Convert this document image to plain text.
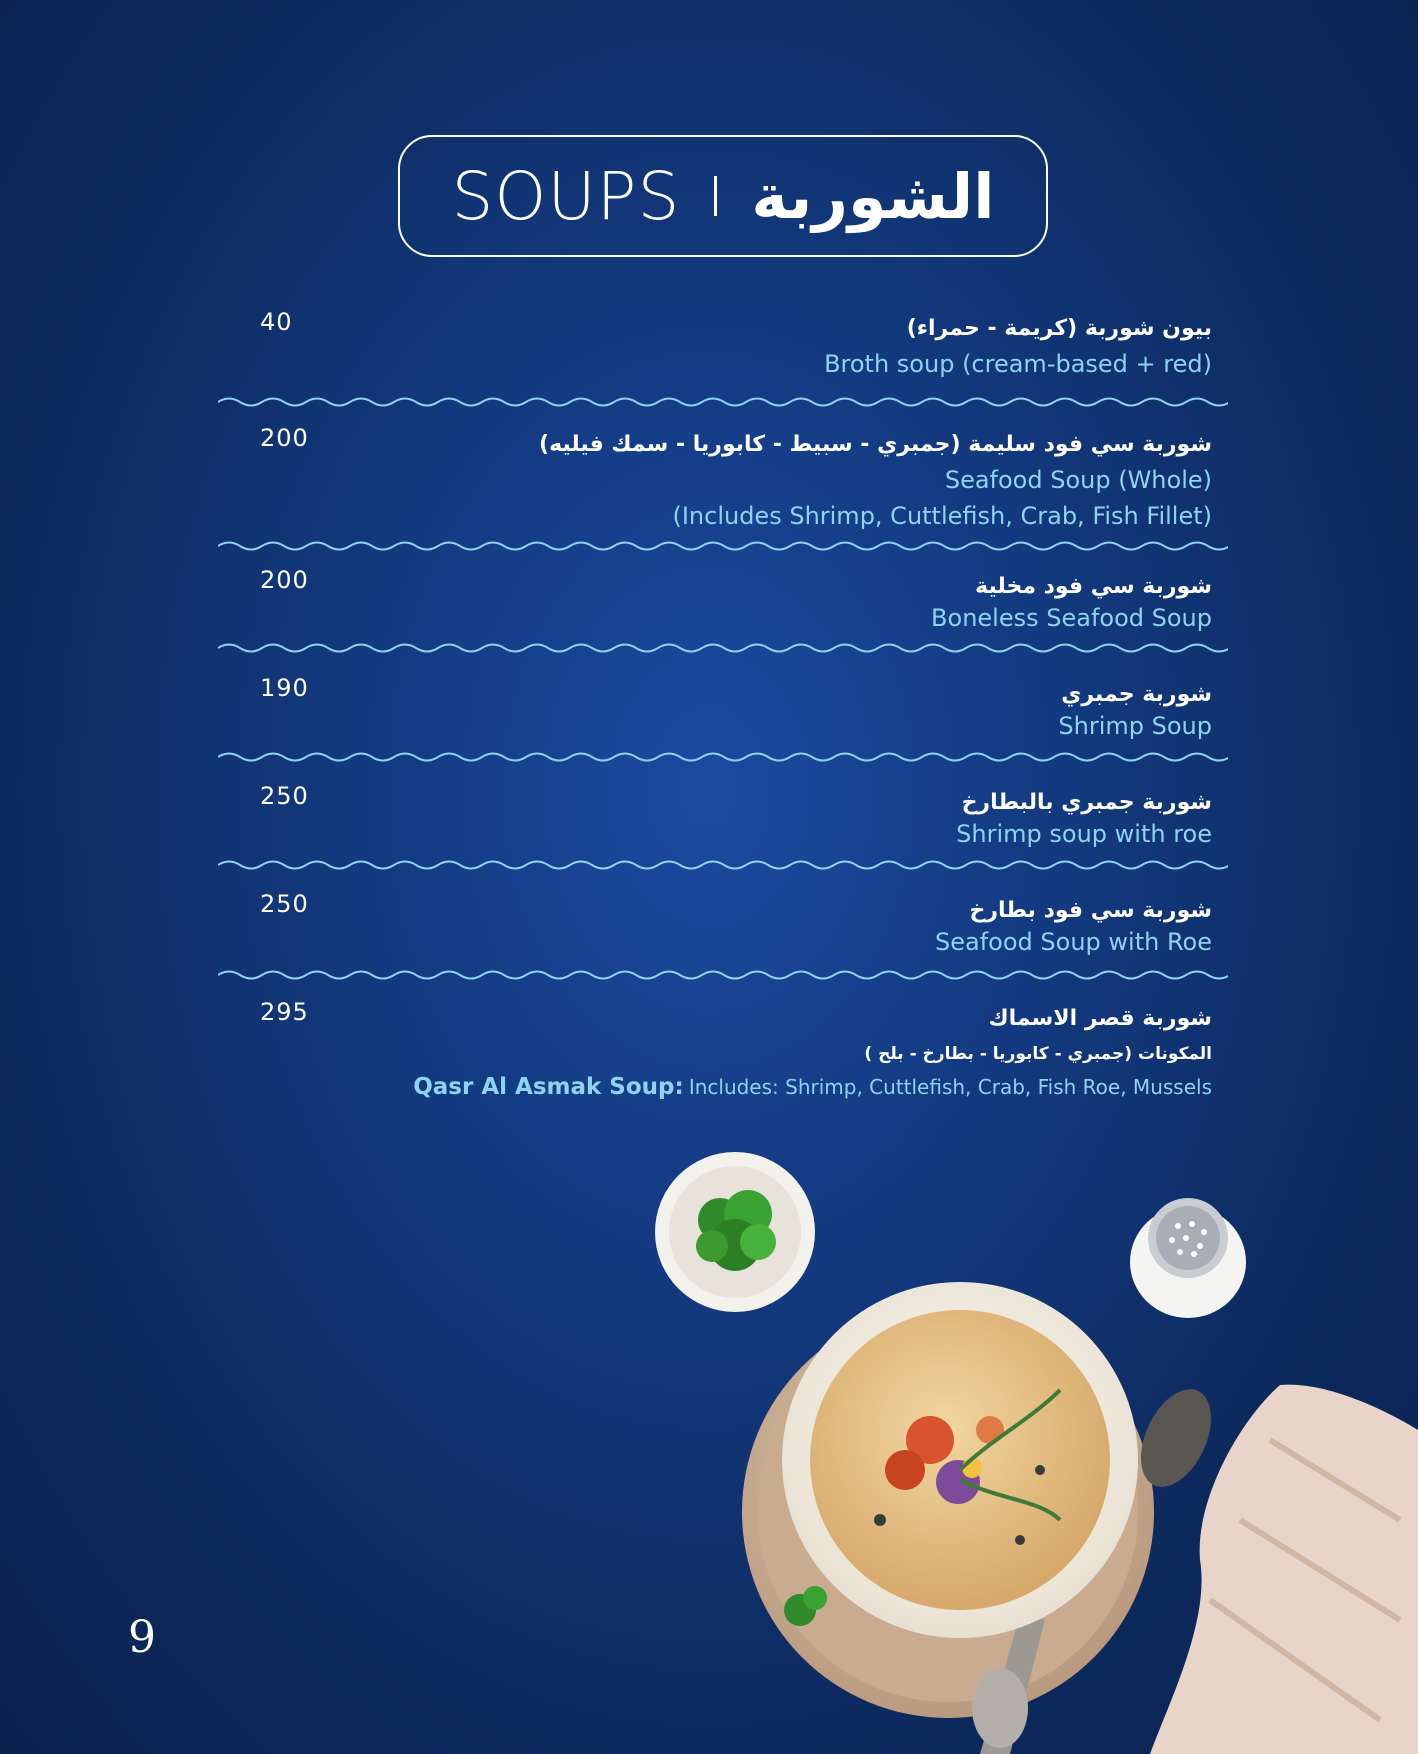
SOUPS الشوربة
40	بيون شوربة (كريمة - حمراء)
Broth soup (cream-based + red)
200	شوربة سي فود سليمة (جمبري - سبيط - كابوريا - سمك فيليه)
Seafood Soup (Whole)
(Includes Shrimp, Cuttlefish, Crab, Fish Fillet)
200	شوربة سي فود مخلية
Boneless Seafood Soup
190	شوربة جمبري
Shrimp Soup
250	شوربة جمبري بالبطارخ
Shrimp soup with roe
250	شوربة سي فود بطارخ
Seafood Soup with Roe
295	شوربة قصر الاسماك
المكونات (جمبري - كابوريا - بطارخ - بلح )
Qasr Al Asmak Soup: Includes: Shrimp, Cuttlefish, Crab, Fish Roe, Mussels
9
